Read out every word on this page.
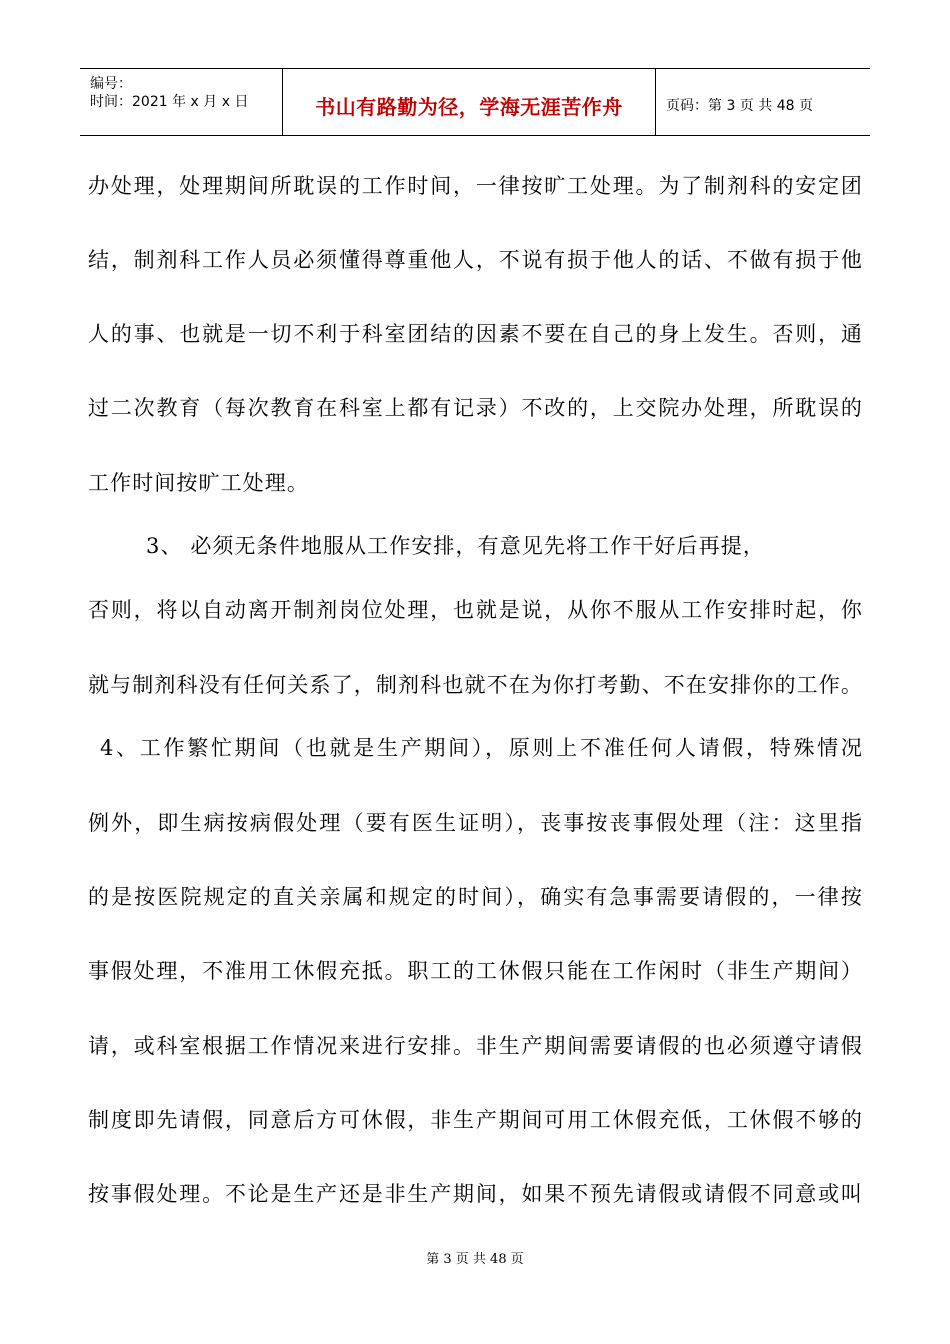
编号：
时间：2021 年 x 月 x 日	书山有路勤为径，学海无涯苦作舟	页码：第 3 页 共 48 页
办处理，处理期间所耽误的工作时间，一律按旷工处理。为了制剂科的安定团
结，制剂科工作人员必须懂得尊重他人，不说有损于他人的话、不做有损于他
人的事、也就是一切不利于科室团结的因素不要在自己的身上发生。否则，通
过二次教育（每次教育在科室上都有记录）不改的，上交院办处理，所耽误的
工作时间按旷工处理。
3、 必须无条件地服从工作安排，有意见先将工作干好后再提，
否则，将以自动离开制剂岗位处理，也就是说，从你不服从工作安排时起，你
就与制剂科没有任何关系了，制剂科也就不在为你打考勤、不在安排你的工作。
4、工作繁忙期间（也就是生产期间），原则上不准任何人请假，特殊情况
例外，即生病按病假处理（要有医生证明），丧事按丧事假处理（注：这里指
的是按医院规定的直关亲属和规定的时间），确实有急事需要请假的，一律按
事假处理，不准用工休假充抵。职工的工休假只能在工作闲时（非生产期间）
请，或科室根据工作情况来进行安排。非生产期间需要请假的也必须遵守请假
制度即先请假，同意后方可休假，非生产期间可用工休假充低，工休假不够的
按事假处理。不论是生产还是非生产期间，如果不预先请假或请假不同意或叫
第 3 页 共 48 页
